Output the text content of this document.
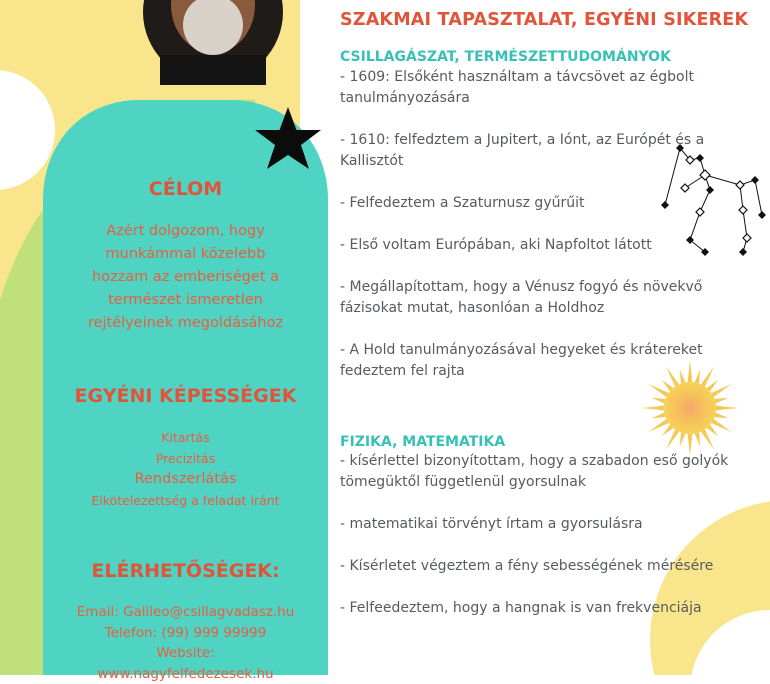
CÉLOM

Azért dolgozom, hogy
munkámmal közelebb
hozzam az emberiséget a
természet ismeretlen
rejtélyeinek megoldásához

EGYÉNI KÉPESSÉGEK

Kitartás
Precizitás
Rendszerlátás
Elkötelezettség a feladat iránt

ELÉRHETŐSÉGEK:

Email: Galileo@csillagvadasz.hu
Telefon: (99) 999 99999
Website:
www.nagyfelfedezesek.hu

SZAKMAI TAPASZTALAT, EGYÉNI SIKEREK

CSILLAGÁSZAT, TERMÉSZETTUDOMÁNYOK

- 1609: Elsőként használtam a távcsövet az égbolt

tanulmányozására

- 1610: felfedztem a Jupitert, a Iónt, az Európét és a

Kallisztót

- Felfedeztem a Szaturnusz gyűrűit

- Első voltam Európában, aki Napfoltot látott

- Megállapítottam, hogy a Vénusz fogyó és növekvő

fázisokat mutat, hasonlóan a Holdhoz

- A Hold tanulmányozásával hegyeket és krátereket

fedeztem fel rajta

FIZIKA, MATEMATIKA

- kísérlettel bizonyítottam, hogy a szabadon eső golyók

tömegüktől függetlenül gyorsulnak

- matematikai törvényt írtam a gyorsulásra

- Kísérletet végeztem a fény sebességének mérésére

- Felfeedeztem, hogy a hangnak is van frekvenciája
